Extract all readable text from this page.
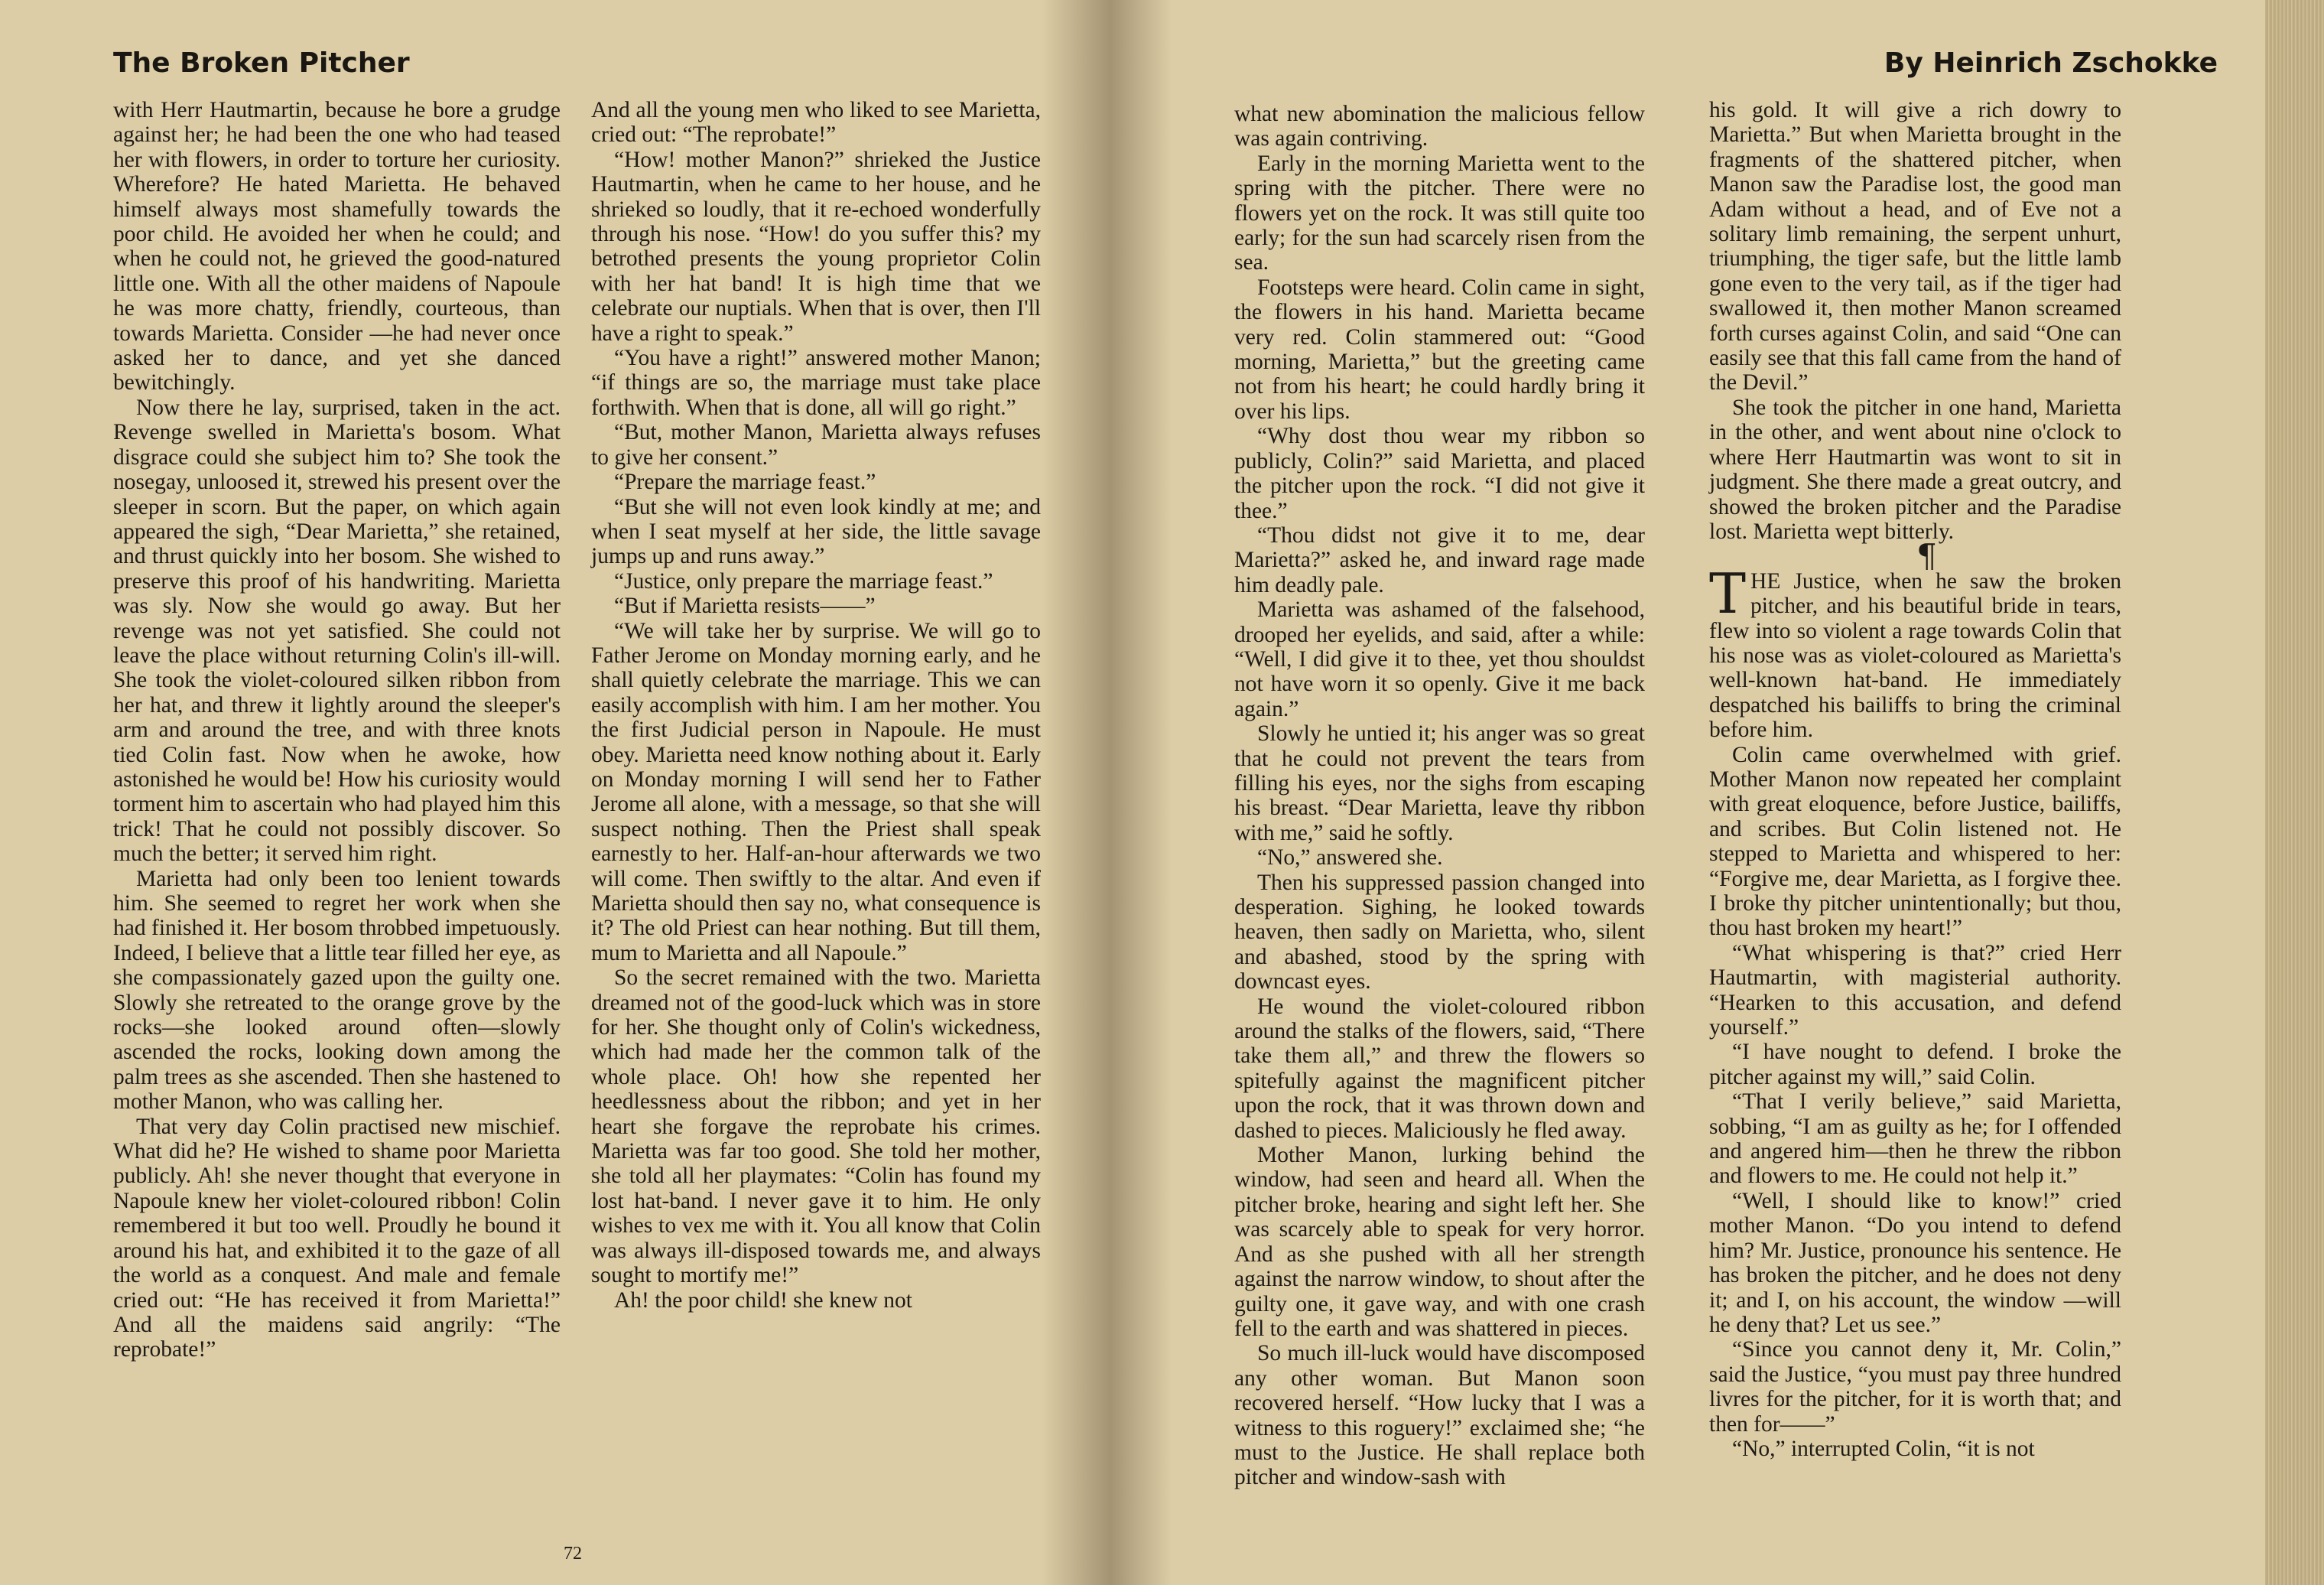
The Broken Pitcher

with Herr Hautmartin, because he bore a grudge against her; he had been the one who had teased her with flowers, in order to torture her curiosity. Wherefore? He hated Marietta. He behaved himself always most shamefully towards the poor child. He avoided her when he could; and when he could not, he grieved the good-natured little one. With all the other maidens of Napoule he was more chatty, friendly, courteous, than towards Marietta. Consider —he had never once asked her to dance, and yet she danced bewitchingly.

Now there he lay, surprised, taken in the act. Revenge swelled in Marietta's bosom. What disgrace could she subject him to? She took the nosegay, unloosed it, strewed his present over the sleeper in scorn. But the paper, on which again appeared the sigh, “Dear Marietta,” she retained, and thrust quickly into her bosom. She wished to preserve this proof of his handwriting. Marietta was sly. Now she would go away. But her revenge was not yet satisfied. She could not leave the place without returning Colin's ill-will. She took the violet-coloured silken ribbon from her hat, and threw it lightly around the sleeper's arm and around the tree, and with three knots tied Colin fast. Now when he awoke, how astonished he would be! How his curiosity would torment him to ascertain who had played him this trick! That he could not possibly discover. So much the better; it served him right.

Marietta had only been too lenient towards him. She seemed to regret her work when she had finished it. Her bosom throbbed impetuously. Indeed, I believe that a little tear filled her eye, as she compassionately gazed upon the guilty one. Slowly she retreated to the orange grove by the rocks—she looked around often—slowly ascended the rocks, looking down among the palm trees as she ascended. Then she hastened to mother Manon, who was calling her.

That very day Colin practised new mischief. What did he? He wished to shame poor Marietta publicly. Ah! she never thought that everyone in Napoule knew her violet-coloured ribbon! Colin remembered it but too well. Proudly he bound it around his hat, and exhibited it to the gaze of all the world as a conquest. And male and female cried out: “He has received it from Marietta!” And all the maidens said angrily: “The reprobate!”

And all the young men who liked to see Marietta, cried out: “The reprobate!”

“How! mother Manon?” shrieked the Justice Hautmartin, when he came to her house, and he shrieked so loudly, that it re-echoed wonderfully through his nose. “How! do you suffer this? my betrothed presents the young proprietor Colin with her hat band! It is high time that we celebrate our nuptials. When that is over, then I'll have a right to speak.”

“You have a right!” answered mother Manon; “if things are so, the marriage must take place forthwith. When that is done, all will go right.”

“But, mother Manon, Marietta always refuses to give her consent.”

“Prepare the marriage feast.”

“But she will not even look kindly at me; and when I seat myself at her side, the little savage jumps up and runs away.”

“Justice, only prepare the marriage feast.”

“But if Marietta resists——”

“We will take her by surprise. We will go to Father Jerome on Monday morning early, and he shall quietly celebrate the marriage. This we can easily accomplish with him. I am her mother. You the first Judicial person in Napoule. He must obey. Marietta need know nothing about it. Early on Monday morning I will send her to Father Jerome all alone, with a message, so that she will suspect nothing. Then the Priest shall speak earnestly to her. Half-an-hour afterwards we two will come. Then swiftly to the altar. And even if Marietta should then say no, what consequence is it? The old Priest can hear nothing. But till them, mum to Marietta and all Napoule.”

So the secret remained with the two. Marietta dreamed not of the good-luck which was in store for her. She thought only of Colin's wickedness, which had made her the common talk of the whole place. Oh! how she repented her heedlessness about the ribbon; and yet in her heart she forgave the reprobate his crimes. Marietta was far too good. She told her mother, she told all her playmates: “Colin has found my lost hat-band. I never gave it to him. He only wishes to vex me with it. You all know that Colin was always ill-disposed towards me, and always sought to mortify me!”

Ah! the poor child! she knew not

72
By Heinrich Zschokke

what new abomination the malicious fellow was again contriving.

Early in the morning Marietta went to the spring with the pitcher. There were no flowers yet on the rock. It was still quite too early; for the sun had scarcely risen from the sea.

Footsteps were heard. Colin came in sight, the flowers in his hand. Marietta became very red. Colin stammered out: “Good morning, Marietta,” but the greeting came not from his heart; he could hardly bring it over his lips.

“Why dost thou wear my ribbon so publicly, Colin?” said Marietta, and placed the pitcher upon the rock. “I did not give it thee.”

“Thou didst not give it to me, dear Marietta?” asked he, and inward rage made him deadly pale.

Marietta was ashamed of the falsehood, drooped her eyelids, and said, after a while: “Well, I did give it to thee, yet thou shouldst not have worn it so openly. Give it me back again.”

Slowly he untied it; his anger was so great that he could not prevent the tears from filling his eyes, nor the sighs from escaping his breast. “Dear Marietta, leave thy ribbon with me,” said he softly.

“No,” answered she.

Then his suppressed passion changed into desperation. Sighing, he looked towards heaven, then sadly on Marietta, who, silent and abashed, stood by the spring with downcast eyes.

He wound the violet-coloured ribbon around the stalks of the flowers, said, “There take them all,” and threw the flowers so spitefully against the magnificent pitcher upon the rock, that it was thrown down and dashed to pieces. Maliciously he fled away.

Mother Manon, lurking behind the window, had seen and heard all. When the pitcher broke, hearing and sight left her. She was scarcely able to speak for very horror. And as she pushed with all her strength against the narrow window, to shout after the guilty one, it gave way, and with one crash fell to the earth and was shattered in pieces.

So much ill-luck would have discomposed any other woman. But Manon soon recovered herself. “How lucky that I was a witness to this roguery!” exclaimed she; “he must to the Justice. He shall replace both pitcher and window-sash with

his gold. It will give a rich dowry to Marietta.” But when Marietta brought in the fragments of the shattered pitcher, when Manon saw the Paradise lost, the good man Adam without a head, and of Eve not a solitary limb remaining, the serpent unhurt, triumphing, the tiger safe, but the little lamb gone even to the very tail, as if the tiger had swallowed it, then mother Manon screamed forth curses against Colin, and said “One can easily see that this fall came from the hand of the Devil.”

She took the pitcher in one hand, Marietta in the other, and went about nine o'clock to where Herr Hautmartin was wont to sit in judgment. She there made a great outcry, and showed the broken pitcher and the Paradise lost. Marietta wept bitterly.

¶

THE Justice, when he saw the broken pitcher, and his beautiful bride in tears, flew into so violent a rage towards Colin that his nose was as violet-coloured as Marietta's well-known hat-band. He immediately despatched his bailiffs to bring the criminal before him.

Colin came overwhelmed with grief. Mother Manon now repeated her complaint with great eloquence, before Justice, bailiffs, and scribes. But Colin listened not. He stepped to Marietta and whispered to her: “Forgive me, dear Marietta, as I forgive thee. I broke thy pitcher unintentionally; but thou, thou hast broken my heart!”

“What whispering is that?” cried Herr Hautmartin, with magisterial authority. “Hearken to this accusation, and defend yourself.”

“I have nought to defend. I broke the pitcher against my will,” said Colin.

“That I verily believe,” said Marietta, sobbing, “I am as guilty as he; for I offended and angered him—then he threw the ribbon and flowers to me. He could not help it.”

“Well, I should like to know!” cried mother Manon. “Do you intend to defend him? Mr. Justice, pronounce his sentence. He has broken the pitcher, and he does not deny it; and I, on his account, the window —will he deny that? Let us see.”

“Since you cannot deny it, Mr. Colin,” said the Justice, “you must pay three hundred livres for the pitcher, for it is worth that; and then for——”

“No,” interrupted Colin, “it is not
